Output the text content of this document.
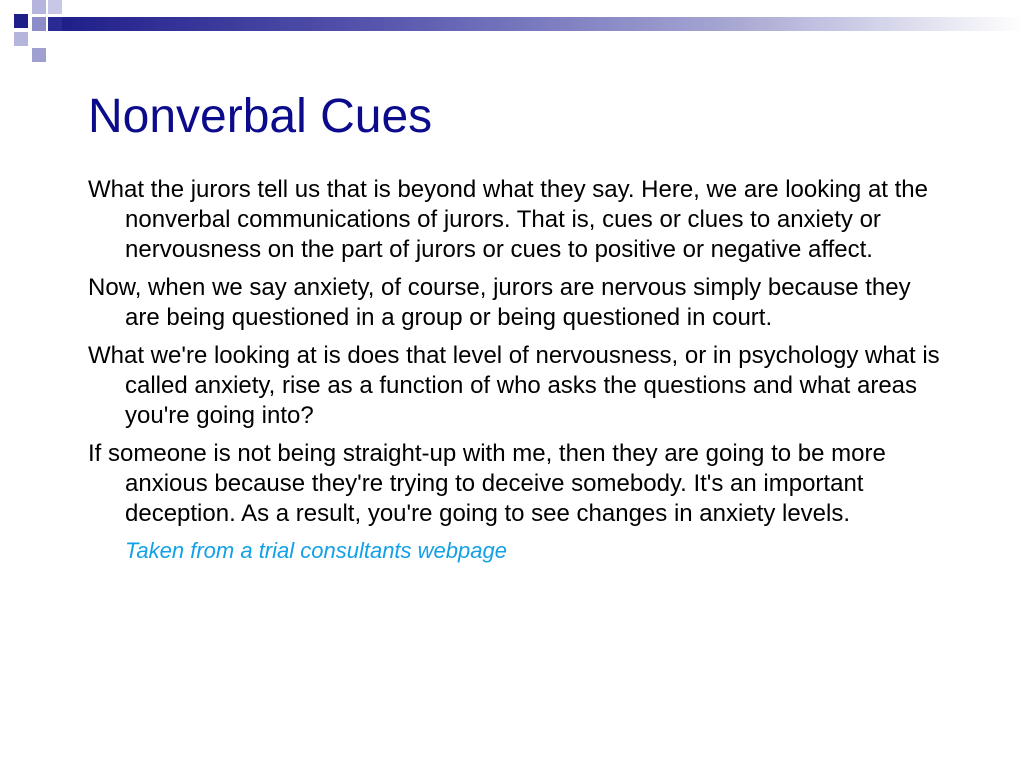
Nonverbal Cues

What the jurors tell us that is beyond what they say. Here, we are looking at the nonverbal communications of jurors. That is, cues or clues to anxiety or nervousness on the part of jurors or cues to positive or negative affect.

Now, when we say anxiety, of course, jurors are nervous simply because they are being questioned in a group or being questioned in court.

What we're looking at is does that level of nervousness, or in psychology what is called anxiety, rise as a function of who asks the questions and what areas you're going into?

If someone is not being straight-up with me, then they are going to be more anxious because they're trying to deceive somebody. It's an important deception. As a result, you're going to see changes in anxiety levels.

Taken from a trial consultants webpage
